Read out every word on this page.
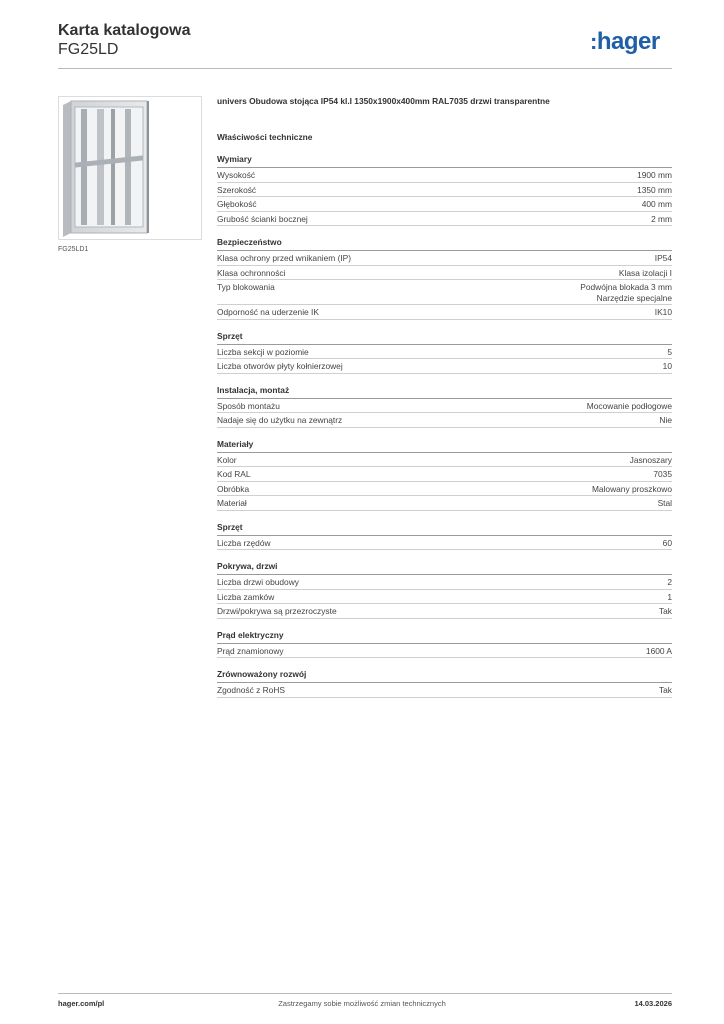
Karta katalogowa
FG25LD	:hager
FG25LD1
univers Obudowa stojąca IP54 kl.I 1350x1900x400mm RAL7035 drzwi transparentne
Właściwości techniczne
Wymiary
Wysokość	1900 mm
Szerokość	1350 mm
Głębokość	400 mm
Grubość ścianki bocznej	2 mm
Bezpieczeństwo
Klasa ochrony przed wnikaniem (IP)	IP54
Klasa ochronności	Klasa izolacji I
Typ blokowania	Podwójna blokada 3 mm
Narzędzie specjalne
Odporność na uderzenie IK	IK10
Sprzęt
Liczba sekcji w poziomie	5
Liczba otworów płyty kołnierzowej	10
Instalacja, montaż
Sposób montażu	Mocowanie podłogowe
Nadaje się do użytku na zewnątrz	Nie
Materiały
Kolor	Jasnoszary
Kod RAL	7035
Obróbka	Malowany proszkowo
Materiał	Stal
Sprzęt
Liczba rzędów	60
Pokrywa, drzwi
Liczba drzwi obudowy	2
Liczba zamków	1
Drzwi/pokrywa są przezroczyste	Tak
Prąd elektryczny
Prąd znamionowy	1600 A
Zrównoważony rozwój
Zgodność z RoHS	Tak
hager.com/pl	Zastrzegamy sobie możliwość zmian technicznych	14.03.2026
